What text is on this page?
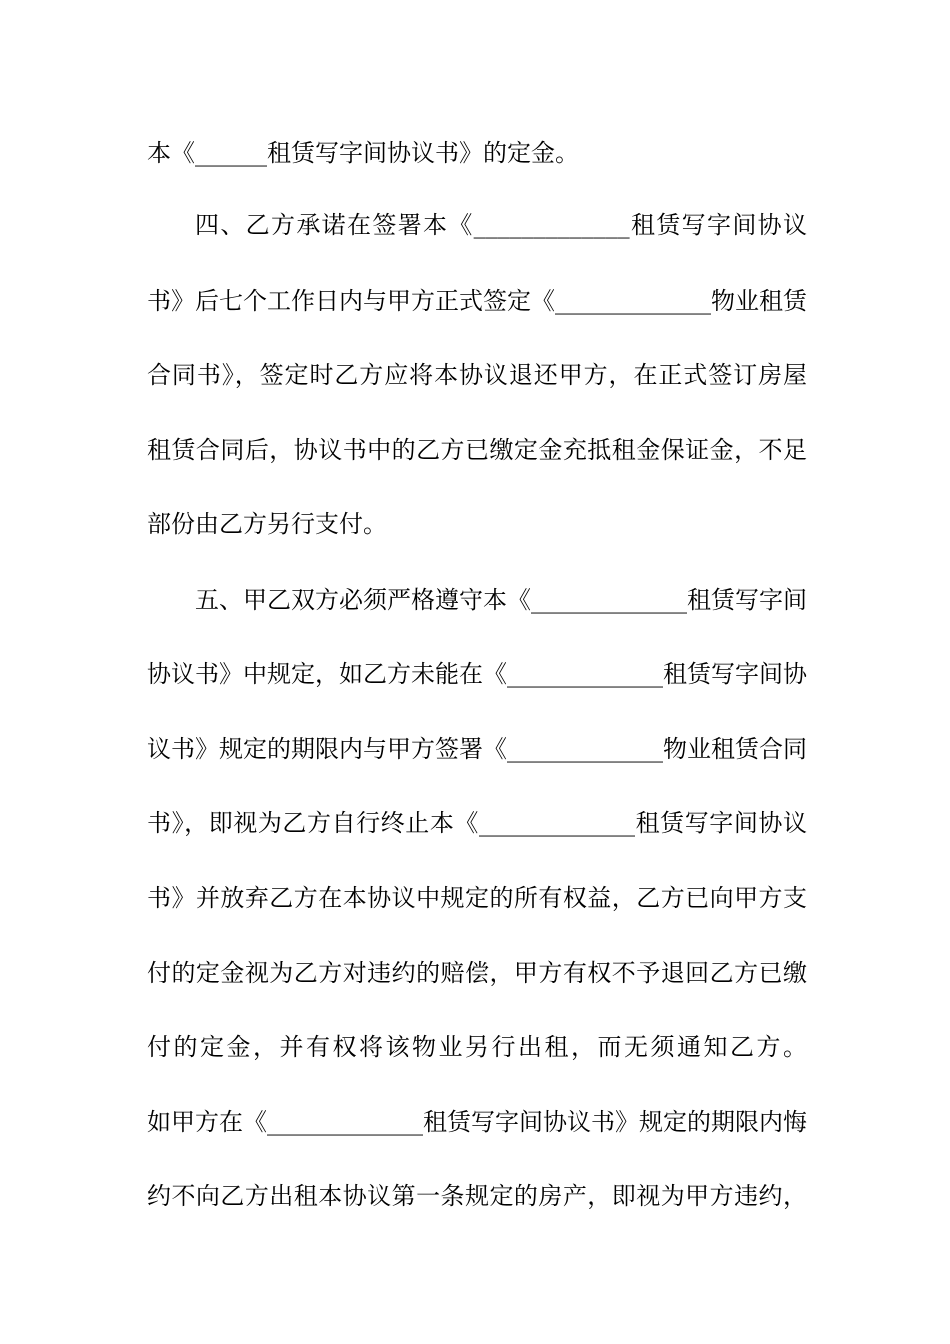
本《______租赁写字间协议书》的定金。
四、乙方承诺在签署本《_____________租赁写字间协议
书》后七个工作日内与甲方正式签定《_____________物业租赁
合同书》，签定时乙方应将本协议退还甲方，在正式签订房屋
租赁合同后，协议书中的乙方已缴定金充抵租金保证金，不足
部份由乙方另行支付。
五、甲乙双方必须严格遵守本《_____________租赁写字间
协议书》中规定，如乙方未能在《_____________租赁写字间协
议书》规定的期限内与甲方签署《_____________物业租赁合同
书》，即视为乙方自行终止本《_____________租赁写字间协议
书》并放弃乙方在本协议中规定的所有权益，乙方已向甲方支
付的定金视为乙方对违约的赔偿，甲方有权不予退回乙方已缴
付的定金，并有权将该物业另行出租，而无须通知乙方。
如甲方在《_____________租赁写字间协议书》规定的期限内悔
约不向乙方出租本协议第一条规定的房产，即视为甲方违约，
